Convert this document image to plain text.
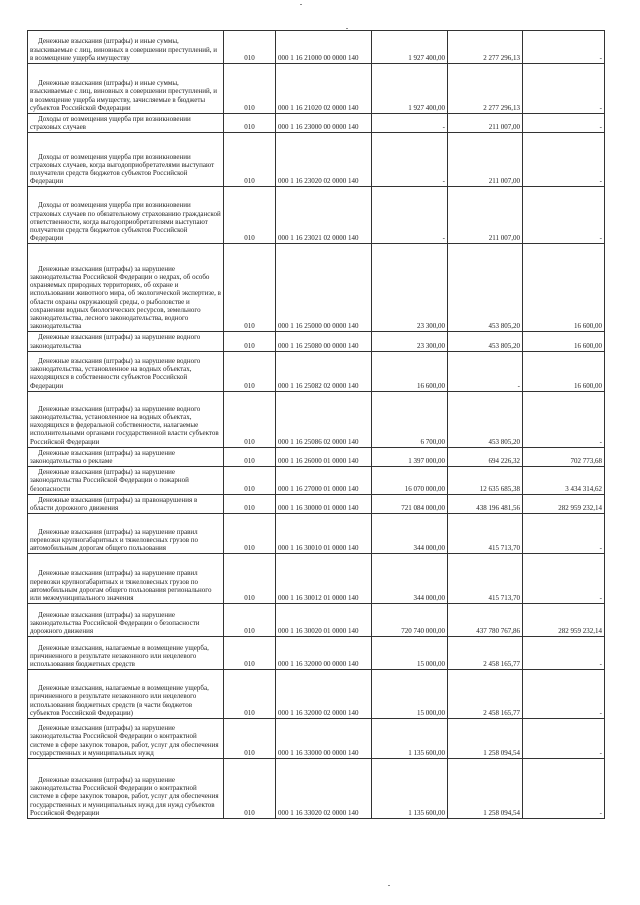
Денежные взыскания (штрафы) и иные суммы, взыскиваемые с лиц, виновных в совершении преступлений, и в возмещение ущерба имуществу	010	000 1 16 21000 00 0000 140	1 927 400,00	2 277 296,13	-
Денежные взыскания (штрафы) и иные суммы, взыскиваемые с лиц, виновных в совершении преступлений, и в возмещение ущерба имуществу, зачисляемые в бюджеты субъектов Российской Федерации	010	000 1 16 21020 02 0000 140	1 927 400,00	2 277 296,13	-
Доходы от возмещения ущерба при возникновении страховых случаев	010	000 1 16 23000 00 0000 140	-	211 007,00	-
Доходы от возмещения ущерба при возникновении страховых случаев, когда выгодоприобретателями выступают получатели средств бюджетов субъектов Российской Федерации	010	000 1 16 23020 02 0000 140	-	211 007,00	-
Доходы от возмещения ущерба при возникновении страховых случаев по обязательному страхованию гражданской ответственности, когда выгодоприобретателями выступают получатели средств бюджетов субъектов Российской Федерации	010	000 1 16 23021 02 0000 140	-	211 007,00	-
Денежные взыскания (штрафы) за нарушение законодательства Российской Федерации о недрах, об особо охраняемых природных территориях, об охране и использовании животного мира, об экологической экспертизе, в области охраны окружающей среды, о рыболовстве и сохранении водных биологических ресурсов, земельного законодательства, лесного законодательства, водного законодательства	010	000 1 16 25000 00 0000 140	23 300,00	453 805,20	16 600,00
Денежные взыскания (штрафы) за нарушение водного законодательства	010	000 1 16 25080 00 0000 140	23 300,00	453 805,20	16 600,00
Денежные взыскания (штрафы) за нарушение водного законодательства, установленное на водных объектах, находящихся в собственности субъектов Российской Федерации	010	000 1 16 25082 02 0000 140	16 600,00	-	16 600,00
Денежные взыскания (штрафы) за нарушение водного законодательства, установленное на водных объектах, находящихся в федеральной собственности, налагаемые исполнительными органами государственной власти субъектов Российской Федерации	010	000 1 16 25086 02 0000 140	6 700,00	453 805,20	-
Денежные взыскания (штрафы) за нарушение законодательства о рекламе	010	000 1 16 26000 01 0000 140	1 397 000,00	694 226,32	702 773,68
Денежные взыскания (штрафы) за нарушение законодательства Российской Федерации о пожарной безопасности	010	000 1 16 27000 01 0000 140	16 070 000,00	12 635 685,38	3 434 314,62
Денежные взыскания (штрафы) за правонарушения в области дорожного движения	010	000 1 16 30000 01 0000 140	721 084 000,00	438 196 481,56	282 959 232,14
Денежные взыскания (штрафы) за нарушение правил перевозки крупногабаритных и тяжеловесных грузов по автомобильным дорогам общего пользования	010	000 1 16 30010 01 0000 140	344 000,00	415 713,70	-
Денежные взыскания (штрафы) за нарушение правил перевозки крупногабаритных и тяжеловесных грузов по автомобильным дорогам общего пользования регионального или межмуниципального значения	010	000 1 16 30012 01 0000 140	344 000,00	415 713,70	-
Денежные взыскания (штрафы) за нарушение законодательства Российской Федерации о безопасности дорожного движения	010	000 1 16 30020 01 0000 140	720 740 000,00	437 780 767,86	282 959 232,14
Денежные взыскания, налагаемые в возмещение ущерба, причиненного в результате незаконного или нецелевого использования бюджетных средств	010	000 1 16 32000 00 0000 140	15 000,00	2 458 165,77	-
Денежные взыскания, налагаемые в возмещение ущерба, причиненного в результате незаконного или нецелевого использования бюджетных средств (в части бюджетов субъектов Российской Федерации)	010	000 1 16 32000 02 0000 140	15 000,00	2 458 165,77	-
Денежные взыскания (штрафы) за нарушение законодательства Российской Федерации о контрактной системе в сфере закупок товаров, работ, услуг для обеспечения государственных и муниципальных нужд	010	000 1 16 33000 00 0000 140	1 135 600,00	1 258 094,54	-
Денежные взыскания (штрафы) за нарушение законодательства Российской Федерации о контрактной системе в сфере закупок товаров, работ, услуг для обеспечения государственных и муниципальных нужд для нужд субъектов Российской Федерации	010	000 1 16 33020 02 0000 140	1 135 600,00	1 258 094,54	-
